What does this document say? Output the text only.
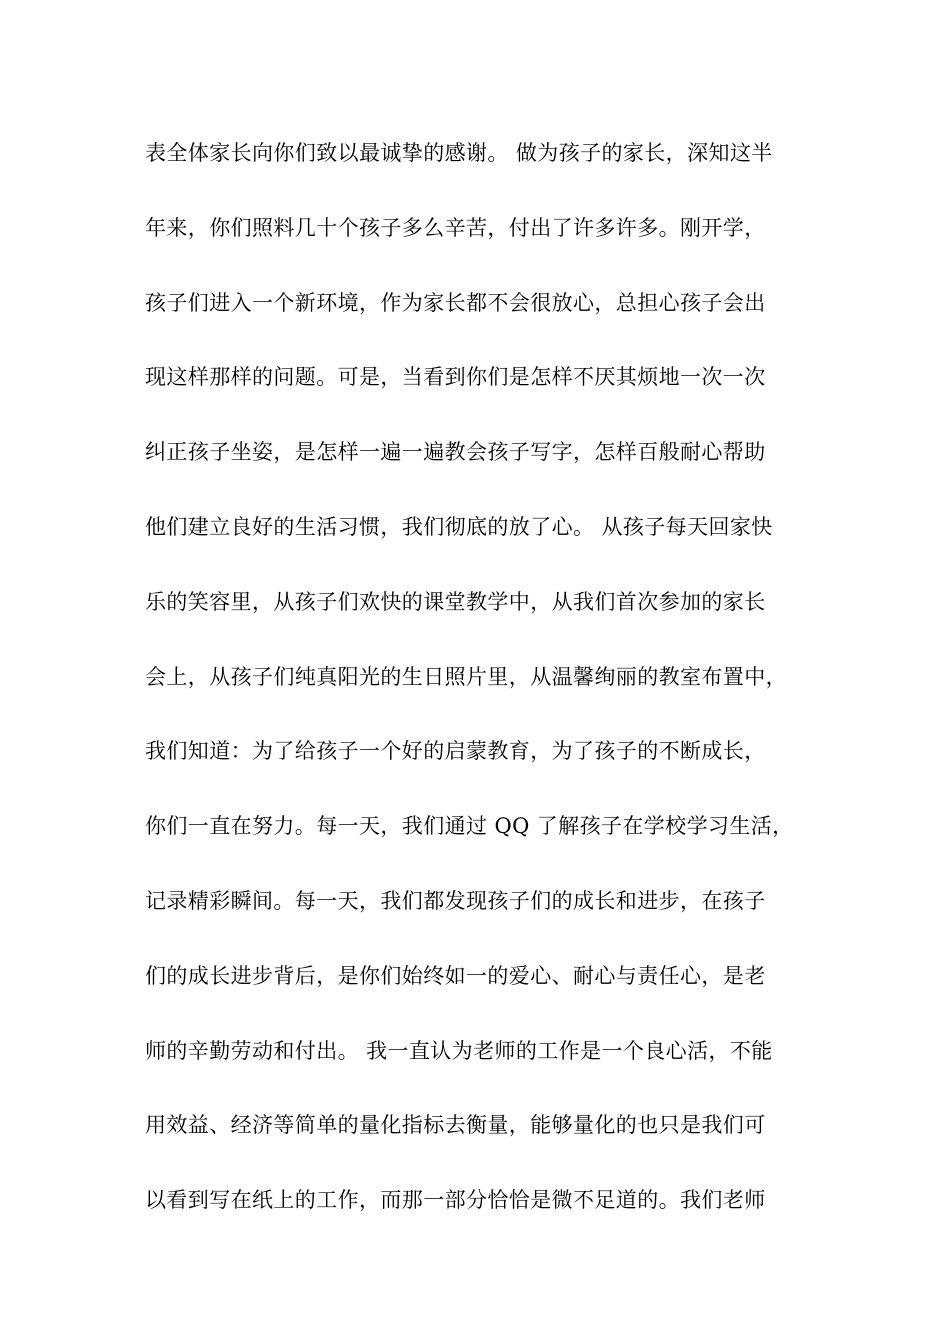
表全体家长向你们致以最诚挚的感谢。 做为孩子的家长，深知这半
年来，你们照料几十个孩子多么辛苦，付出了许多许多。刚开学，
孩子们进入一个新环境，作为家长都不会很放心，总担心孩子会出
现这样那样的问题。可是，当看到你们是怎样不厌其烦地一次一次
纠正孩子坐姿，是怎样一遍一遍教会孩子写字，怎样百般耐心帮助
他们建立良好的生活习惯，我们彻底的放了心。 从孩子每天回家快
乐的笑容里，从孩子们欢快的课堂教学中，从我们首次参加的家长
会上，从孩子们纯真阳光的生日照片里，从温馨绚丽的教室布置中，
我们知道：为了给孩子一个好的启蒙教育，为了孩子的不断成长，
你们一直在努力。每一天，我们通过 QQ 了解孩子在学校学习生活，
记录精彩瞬间。每一天，我们都发现孩子们的成长和进步，在孩子
们的成长进步背后，是你们始终如一的爱心、耐心与责任心，是老
师的辛勤劳动和付出。 我一直认为老师的工作是一个良心活，不能
用效益、经济等简单的量化指标去衡量，能够量化的也只是我们可
以看到写在纸上的工作，而那一部分恰恰是微不足道的。我们老师
